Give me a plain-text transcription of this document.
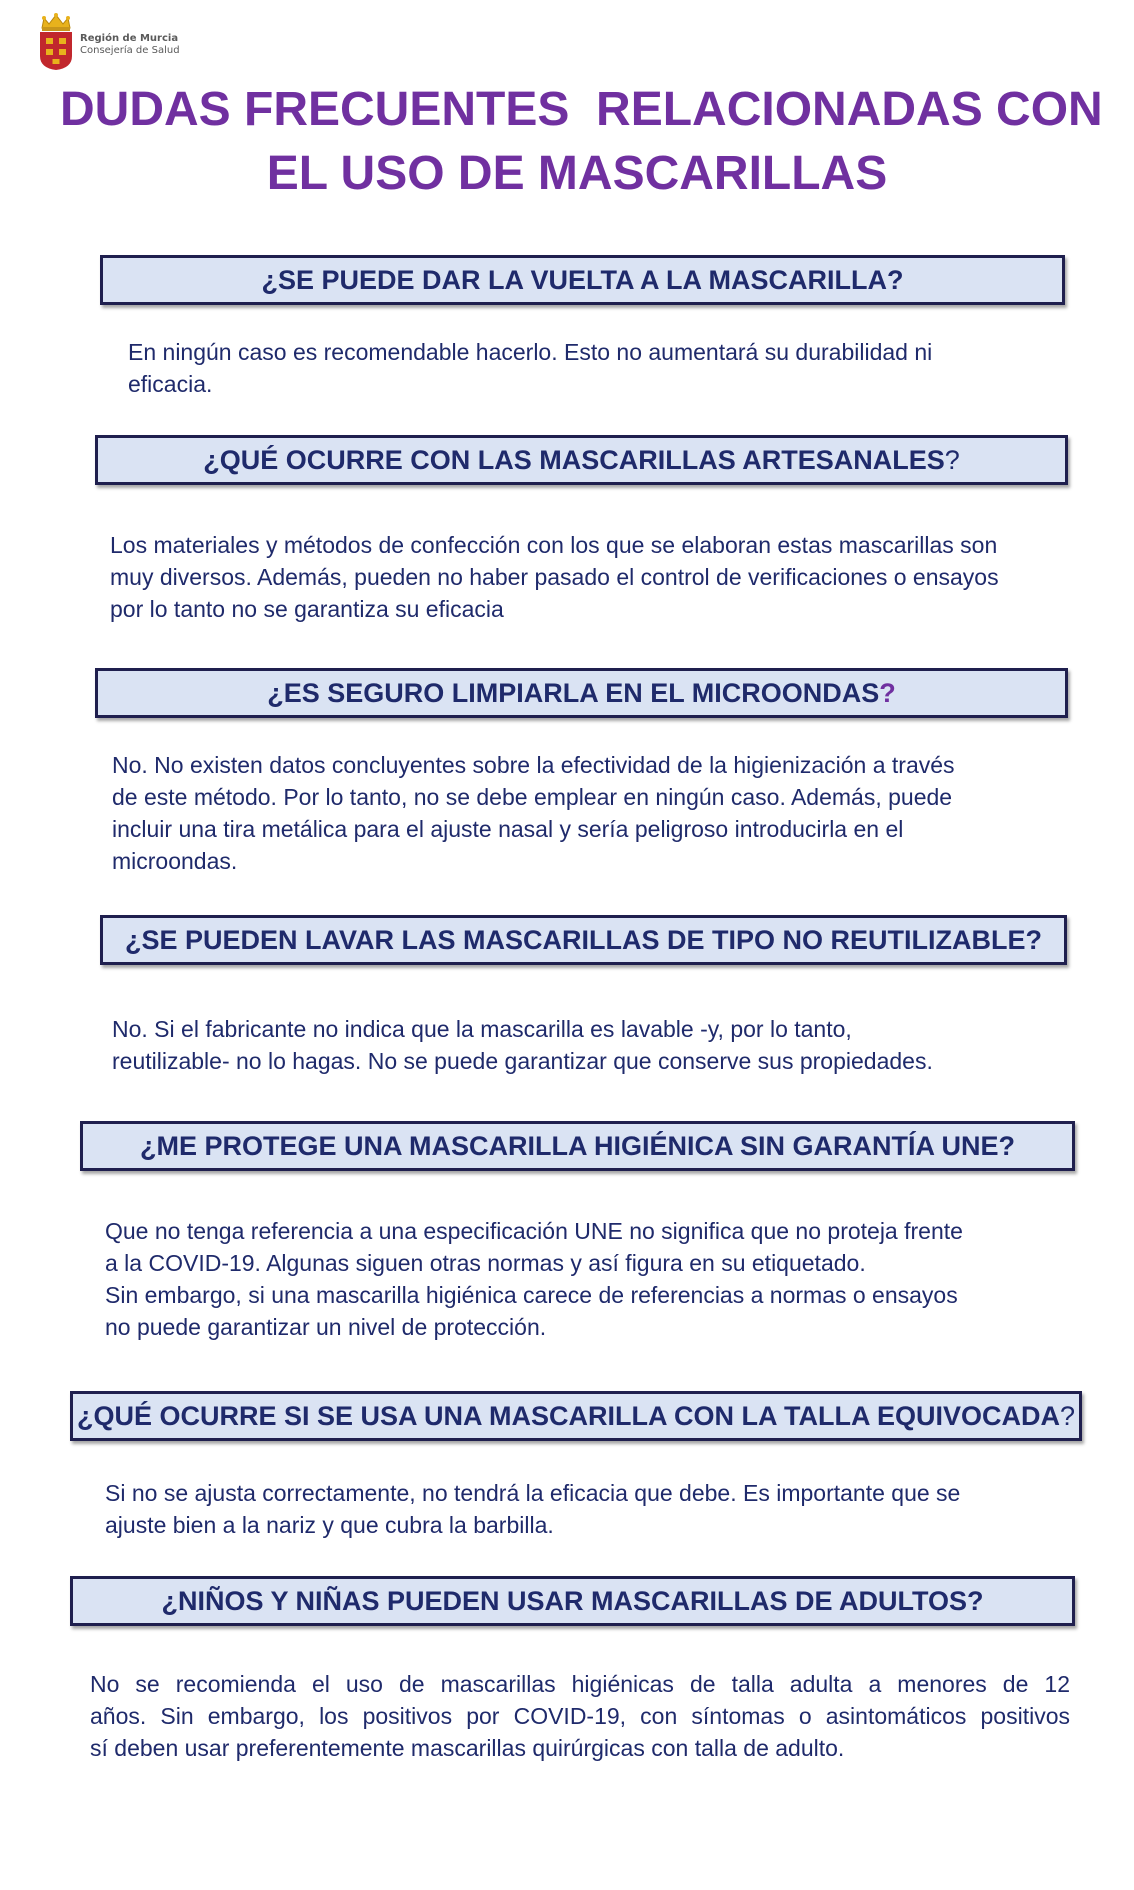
Región de Murcia
Consejería de Salud
DUDAS FRECUENTES  RELACIONADAS CON
EL USO DE MASCARILLAS
¿SE PUEDE DAR LA VUELTA A LA MASCARILLA ?
En ningún caso es recomendable hacerlo. Esto no aumentará su durabilidad ni
eficacia.
¿QUÉ OCURRE CON LAS MASCARILLAS ARTESANALES ?
Los materiales y métodos de confección con los que se elaboran estas mascarillas son
muy diversos. Además, pueden no haber pasado el control de verificaciones o ensayos
por lo tanto no se garantiza su eficacia
¿ES SEGURO LIMPIARLA EN EL MICROONDAS ?
No. No existen datos concluyentes sobre la efectividad de la higienización a través
de este método. Por lo tanto, no se debe emplear en ningún caso. Además, puede
incluir una tira metálica para el ajuste nasal y sería peligroso introducirla en el
microondas.
¿SE PUEDEN LAVAR LAS MASCARILLAS DE TIPO NO REUTILIZABLE ?
No. Si el fabricante no indica que la mascarilla es lavable -y, por lo tanto,
reutilizable- no lo hagas. No se puede garantizar que conserve sus propiedades.
¿ME PROTEGE UNA MASCARILLA HIGIÉNICA SIN GARANTÍA UNE ?
Que no tenga referencia a una especificación UNE no significa que no proteja frente
a la COVID-19. Algunas siguen otras normas y así figura en su etiquetado.
Sin embargo, si una mascarilla higiénica carece de referencias a normas o ensayos
no puede garantizar un nivel de protección.
¿QUÉ OCURRE SI SE USA UNA MASCARILLA CON LA TALLA EQUIVOCADA ?
Si no se ajusta correctamente, no tendrá la eficacia que debe. Es importante que se
ajuste bien a la nariz y que cubra la barbilla.
¿NIÑOS Y NIÑAS PUEDEN USAR MASCARILLAS DE ADULTOS ?
No se recomienda el uso de mascarillas higiénicas de talla adulta a menores de 12
años. Sin embargo, los positivos por COVID-19, con síntomas o asintomáticos positivos
sí deben usar preferentemente mascarillas quirúrgicas con talla de adulto.
